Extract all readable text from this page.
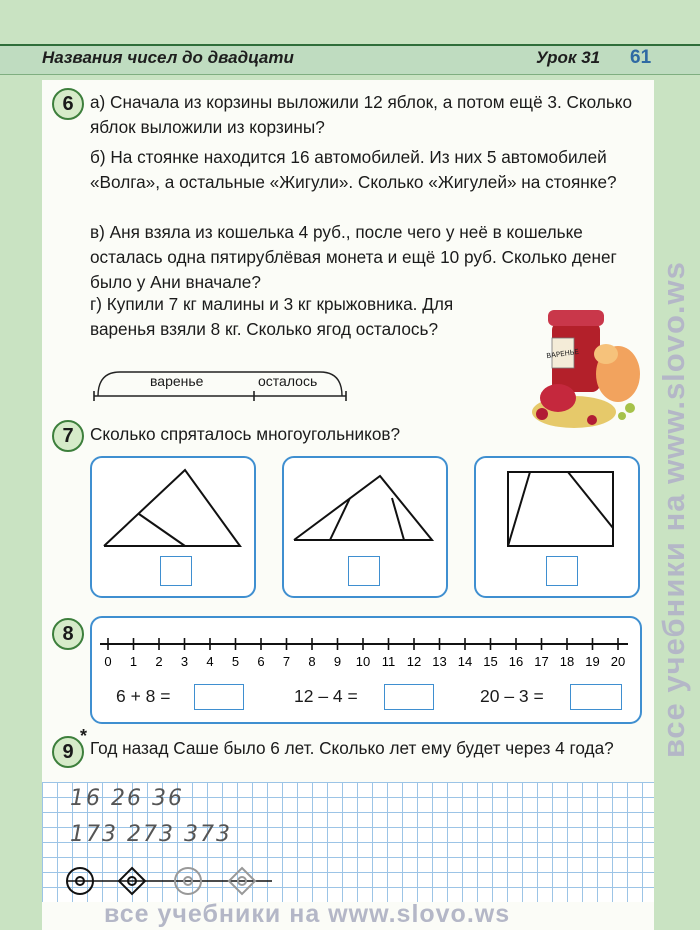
Названия чисел до двадцати	Урок 31 61
6 а) Сначала из корзины выложили 12 яблок, а потом ещё 3. Сколько яблок выложили из корзины?
б) На стоянке находится 16 автомобилей. Из них 5 автомобилей «Волга», а остальные «Жигули». Сколько «Жигулей» на стоянке?
в) Аня взяла из кошелька 4 руб., после чего у неё в кошельке осталась одна пятирублёвая монета и ещё 10 руб. Сколько денег было у Ани вначале?
г) Купили 7 кг малины и 3 кг крыжовника. Для варенья взяли 8 кг. Сколько ягод осталось?
ВАРЕНЬЕ
варенье	осталось
7 Сколько спряталось многоугольников?
8
0 1 2 3 4 5 6 7 8 9 10 11 12 13 14 15 16 17 18 19 20
6 + 8 =	12 – 4 =	20 – 3 =
9
*
Год назад Саше было 6 лет. Сколько лет ему будет через 4 года?
16 26 36
173 273 373
все учебники на www.slovo.ws
все учебники на www.slovo.ws
